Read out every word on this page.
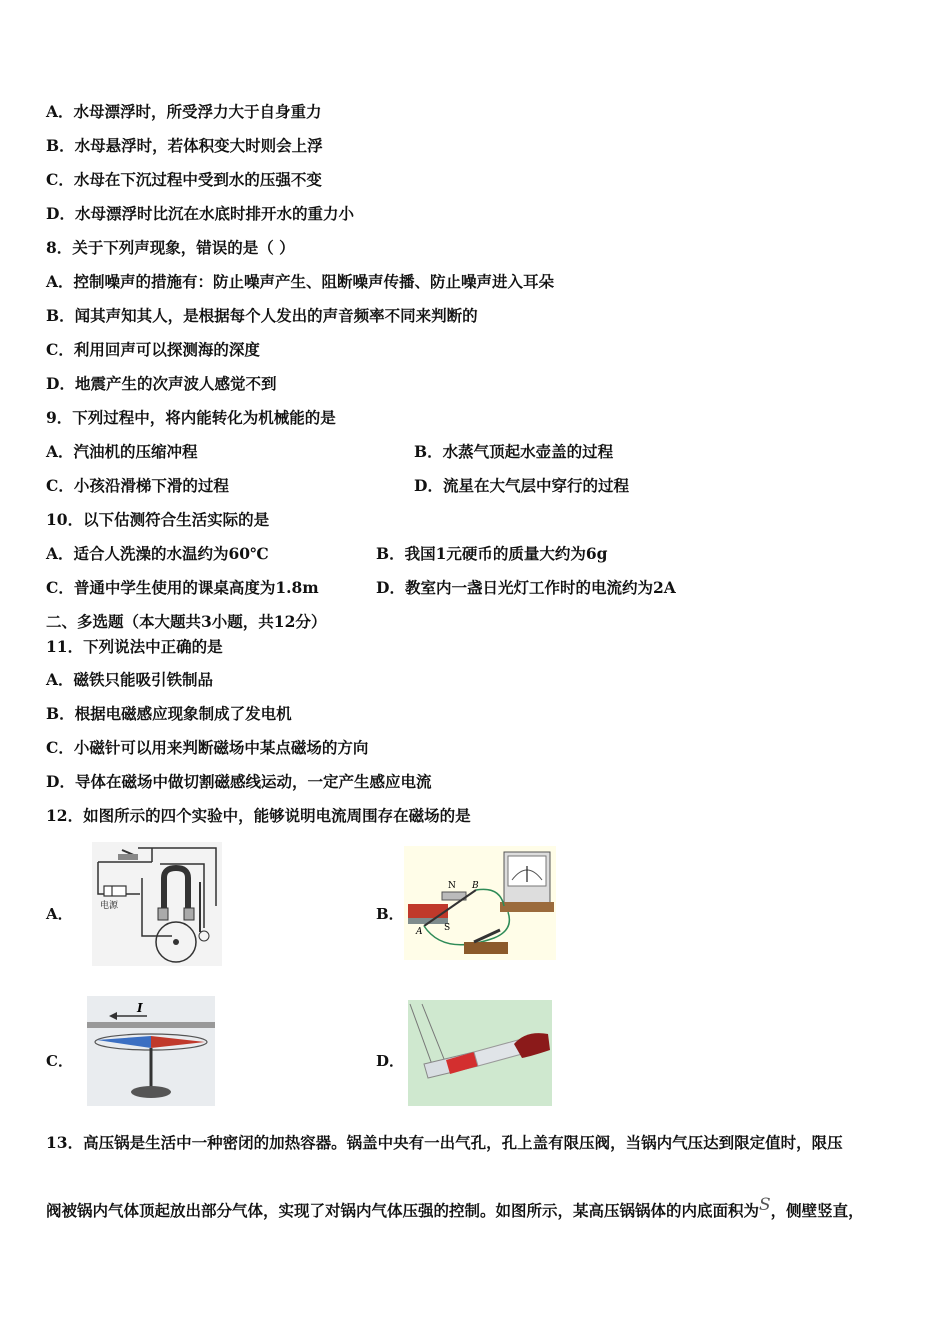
A．水母漂浮时，所受浮力大于自身重力
B．水母悬浮时，若体积变大时则会上浮
C．水母在下沉过程中受到水的压强不变
D．水母漂浮时比沉在水底时排开水的重力小
8．关于下列声现象，错误的是（ ）
A．控制噪声的措施有：防止噪声产生、阻断噪声传播、防止噪声进入耳朵
B．闻其声知其人，是根据每个人发出的声音频率不同来判断的
C．利用回声可以探测海的深度
D．地震产生的次声波人感觉不到
9．下列过程中，将内能转化为机械能的是
A．汽油机的压缩冲程	B．水蒸气顶起水壶盖的过程
C．小孩沿滑梯下滑的过程	D．流星在大气层中穿行的过程
10．以下估测符合生活实际的是
A．适合人洗澡的水温约为60℃	B．我国1元硬币的质量大约为6g
C．普通中学生使用的课桌高度为1.8m	D．教室内一盏日光灯工作时的电流约为2A
二、多选题（本大题共3小题，共12分）
11．下列说法中正确的是
A．磁铁只能吸引铁制品
B．根据电磁感应现象制成了发电机
C．小磁针可以用来判断磁场中某点磁场的方向
D．导体在磁场中做切割磁感线运动，一定产生感应电流
12．如图所示的四个实验中，能够说明电流周围存在磁场的是
A．	B．
C．	D．
电源
N B
S
A
I
13．高压锅是生活中一种密闭的加热容器。锅盖中央有一出气孔，孔上盖有限压阀，当锅内气压达到限定值时，限压
阀被锅内气体顶起放出部分气体，实现了对锅内气体压强的控制。如图所示，某高压锅锅体的内底面积为S，侧壁竖直，
